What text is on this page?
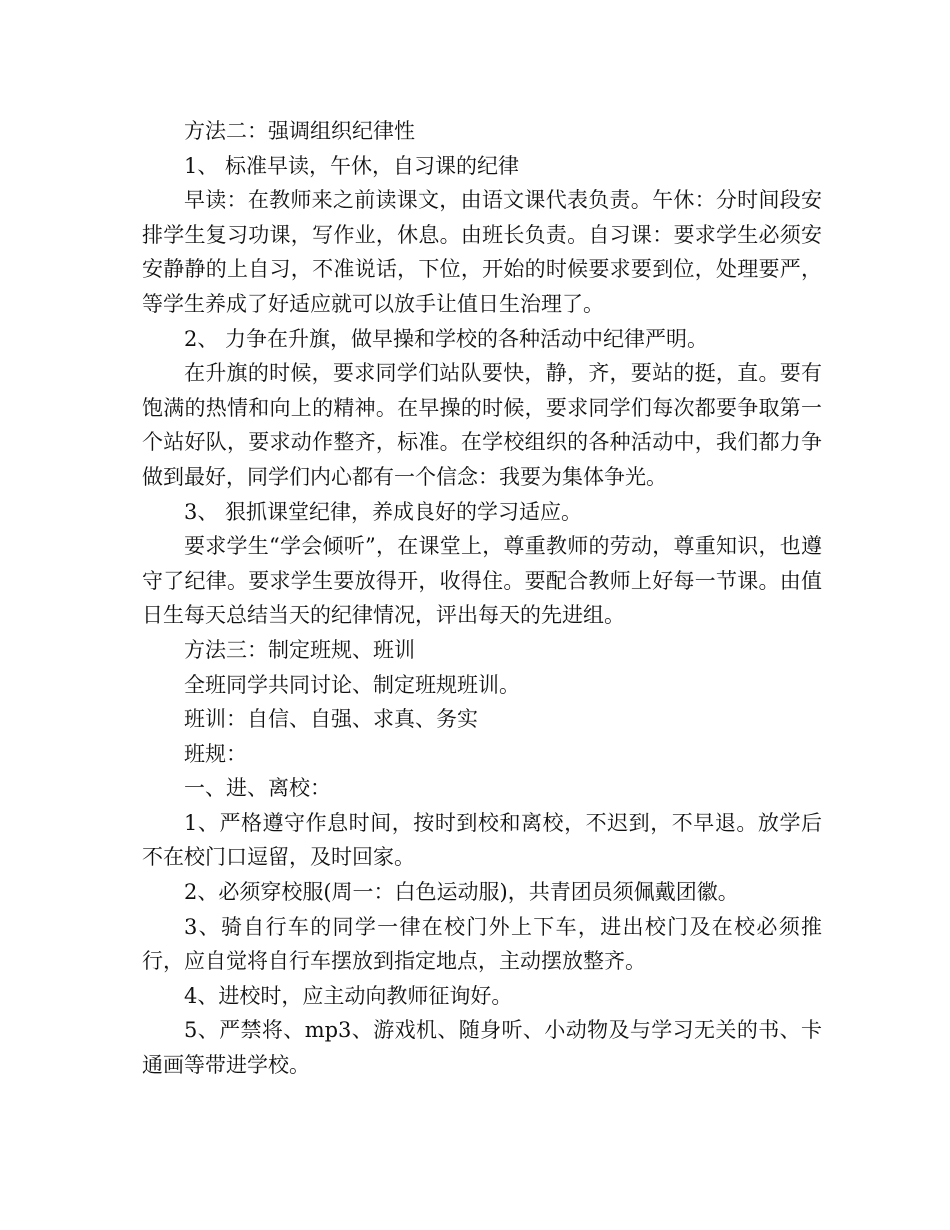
方法二：强调组织纪律性

1、 标准早读，午休，自习课的纪律

早读：在教师来之前读课文，由语文课代表负责。午休：分时间段安排学生复习功课，写作业，休息。由班长负责。自习课：要求学生必须安安静静的上自习，不准说话，下位，开始的时候要求要到位，处理要严，等学生养成了好适应就可以放手让值日生治理了。

2、 力争在升旗，做早操和学校的各种活动中纪律严明。

在升旗的时候，要求同学们站队要快，静，齐，要站的挺，直。要有饱满的热情和向上的精神。在早操的时候，要求同学们每次都要争取第一个站好队，要求动作整齐，标准。在学校组织的各种活动中，我们都力争做到最好，同学们内心都有一个信念：我要为集体争光。

3、 狠抓课堂纪律，养成良好的学习适应。

要求学生“学会倾听”，在课堂上，尊重教师的劳动，尊重知识，也遵守了纪律。要求学生要放得开，收得住。要配合教师上好每一节课。由值日生每天总结当天的纪律情况，评出每天的先进组。

方法三：制定班规、班训

全班同学共同讨论、制定班规班训。

班训：自信、自强、求真、务实

班规：

一、进、离校：

1、严格遵守作息时间，按时到校和离校，不迟到，不早退。放学后不在校门口逗留，及时回家。

2、必须穿校服(周一：白色运动服)，共青团员须佩戴团徽。

3、骑自行车的同学一律在校门外上下车，进出校门及在校必须推行，应自觉将自行车摆放到指定地点，主动摆放整齐。

4、进校时，应主动向教师征询好。

5、严禁将、mp3、游戏机、随身听、小动物及与学习无关的书、卡通画等带进学校。
